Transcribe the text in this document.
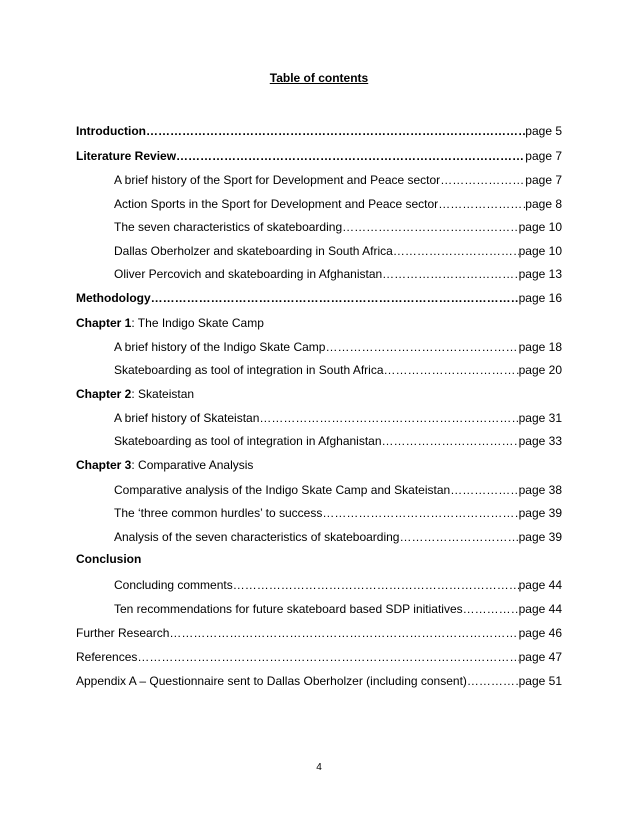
Table of contents
Introduction ………………………………………………………………………………………………………………………………………………………………	page 5
Literature Review ………………………………………………………………………………………………………………………………………………………………	page 7
A brief history of the Sport for Development and Peace sector ………………………………………………………………………………………………………………………………………………………………	page 7
Action Sports in the Sport for Development and Peace sector ………………………………………………………………………………………………………………………………………………………………	page 8
The seven characteristics of skateboarding ………………………………………………………………………………………………………………………………………………………………	page 10
Dallas Oberholzer and skateboarding in South Africa ………………………………………………………………………………………………………………………………………………………………	page 10
Oliver Percovich and skateboarding in Afghanistan ………………………………………………………………………………………………………………………………………………………………	page 13
Methodology ………………………………………………………………………………………………………………………………………………………………	page 16
Chapter 1: The Indigo Skate Camp
A brief history of the Indigo Skate Camp ………………………………………………………………………………………………………………………………………………………………	page 18
Skateboarding as tool of integration in South Africa ………………………………………………………………………………………………………………………………………………………………	page 20
Chapter 2: Skateistan
A brief history of Skateistan ………………………………………………………………………………………………………………………………………………………………	page 31
Skateboarding as tool of integration in Afghanistan ………………………………………………………………………………………………………………………………………………………………	page 33
Chapter 3: Comparative Analysis
Comparative analysis of the Indigo Skate Camp and Skateistan ………………………………………………………………………………………………………………………………………………………………	page 38
The ‘three common hurdles’ to success ………………………………………………………………………………………………………………………………………………………………	page 39
Analysis of the seven characteristics of skateboarding ………………………………………………………………………………………………………………………………………………………………	page 39
Conclusion
Concluding comments ………………………………………………………………………………………………………………………………………………………………	page 44
Ten recommendations for future skateboard based SDP initiatives ………………………………………………………………………………………………………………………………………………………………	page 44
Further Research ………………………………………………………………………………………………………………………………………………………………	page 46
References ………………………………………………………………………………………………………………………………………………………………	page 47
Appendix A – Questionnaire sent to Dallas Oberholzer (including consent) ………………………………………………………………………………………………………………………………………………………………	page 51
4
